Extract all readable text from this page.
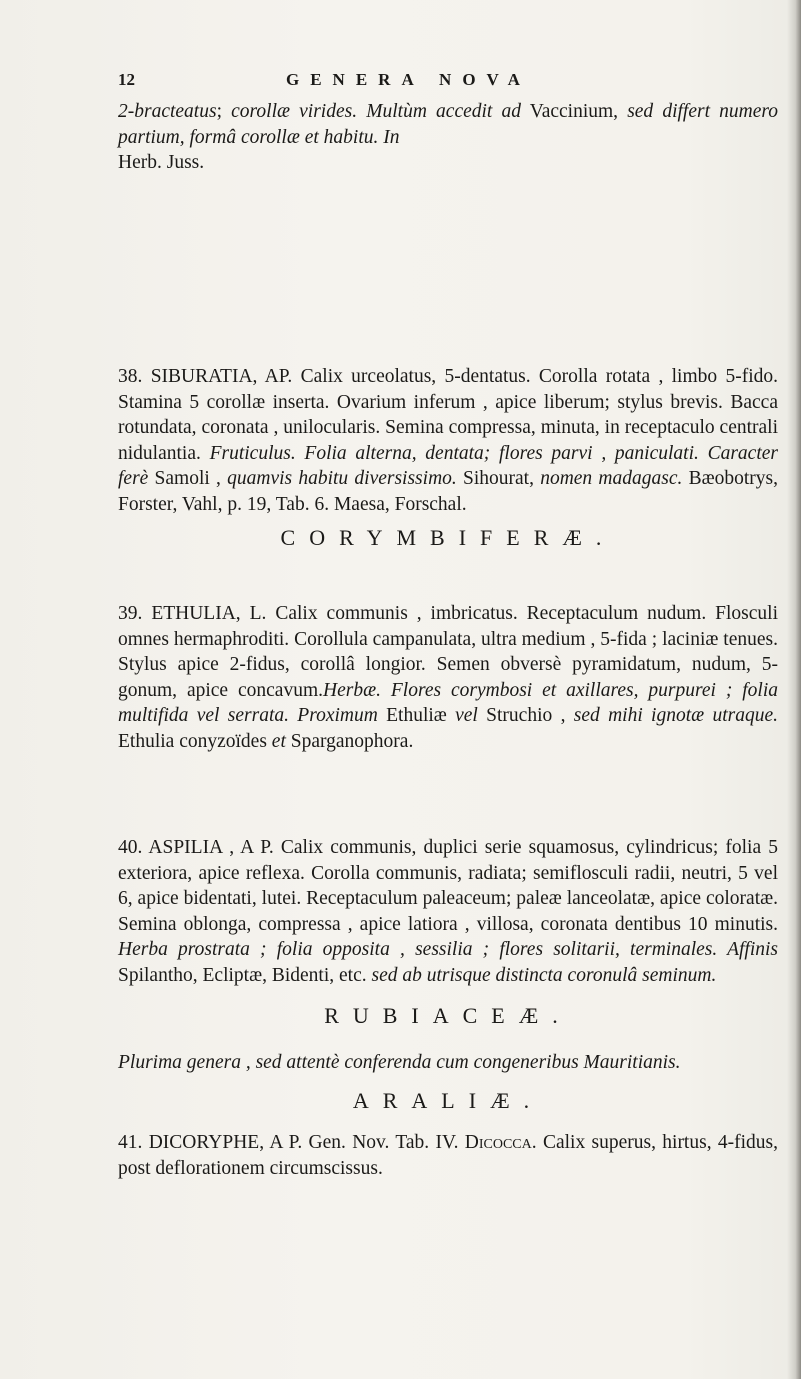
12	GENERA NOVA
2-bracteatus; corollæ virides. Multùm accedit ad Vaccinium, sed differt numero partium, formâ corollæ et habitu. In
Herb. Juss.
38. SIBURATIA, AP. Calix urceolatus, 5-dentatus. Corolla rotata , limbo 5-fido. Stamina 5 corollæ inserta. Ovarium inferum , apice liberum; stylus brevis. Bacca rotundata, coronata , unilocularis. Semina compressa, minuta, in receptaculo centrali nidulantia. Fruticulus. Folia alterna, dentata; flores parvi , paniculati. Caracter ferè Samoli , quamvis habitu diversissimo. Sihourat, nomen madagasc. Bæobotrys, Forster, Vahl, p. 19, Tab. 6. Maesa, Forschal.
CORYMBIFERÆ.
39. ETHULIA, L. Calix communis , imbricatus. Receptaculum nudum. Flosculi omnes hermaphroditi. Corollula campanulata, ultra medium , 5-fida ; laciniæ tenues. Stylus apice 2-fidus, corollâ longior. Semen obversè pyramidatum, nudum, 5-gonum, apice concavum.Herbæ. Flores corymbosi et axillares, purpurei ; folia multifida vel serrata. Proximum Ethuliæ vel Struchio , sed mihi ignotæ utraque. Ethulia conyzoïdes et Sparganophora.
40. ASPILIA , A P. Calix communis, duplici serie squamosus, cylindricus; folia 5 exteriora, apice reflexa. Corolla communis, radiata; semiflosculi radii, neutri, 5 vel 6, apice bidentati, lutei. Receptaculum paleaceum; paleæ lanceolatæ, apice coloratæ. Semina oblonga, compressa , apice latiora , villosa, coronata dentibus 10 minutis. Herba prostrata ; folia opposita , sessilia ; flores solitarii, terminales. Affinis Spilantho, Ecliptæ, Bidenti, etc. sed ab utrisque distincta coronulâ seminum.
RUBIACEÆ.
Plurima genera , sed attentè conferenda cum congeneribus Mauritianis.
ARALIÆ.
41. DICORYPHE, A P. Gen. Nov. Tab. IV. Dicocca. Calix superus, hirtus, 4-fidus, post deflorationem circumscissus.
